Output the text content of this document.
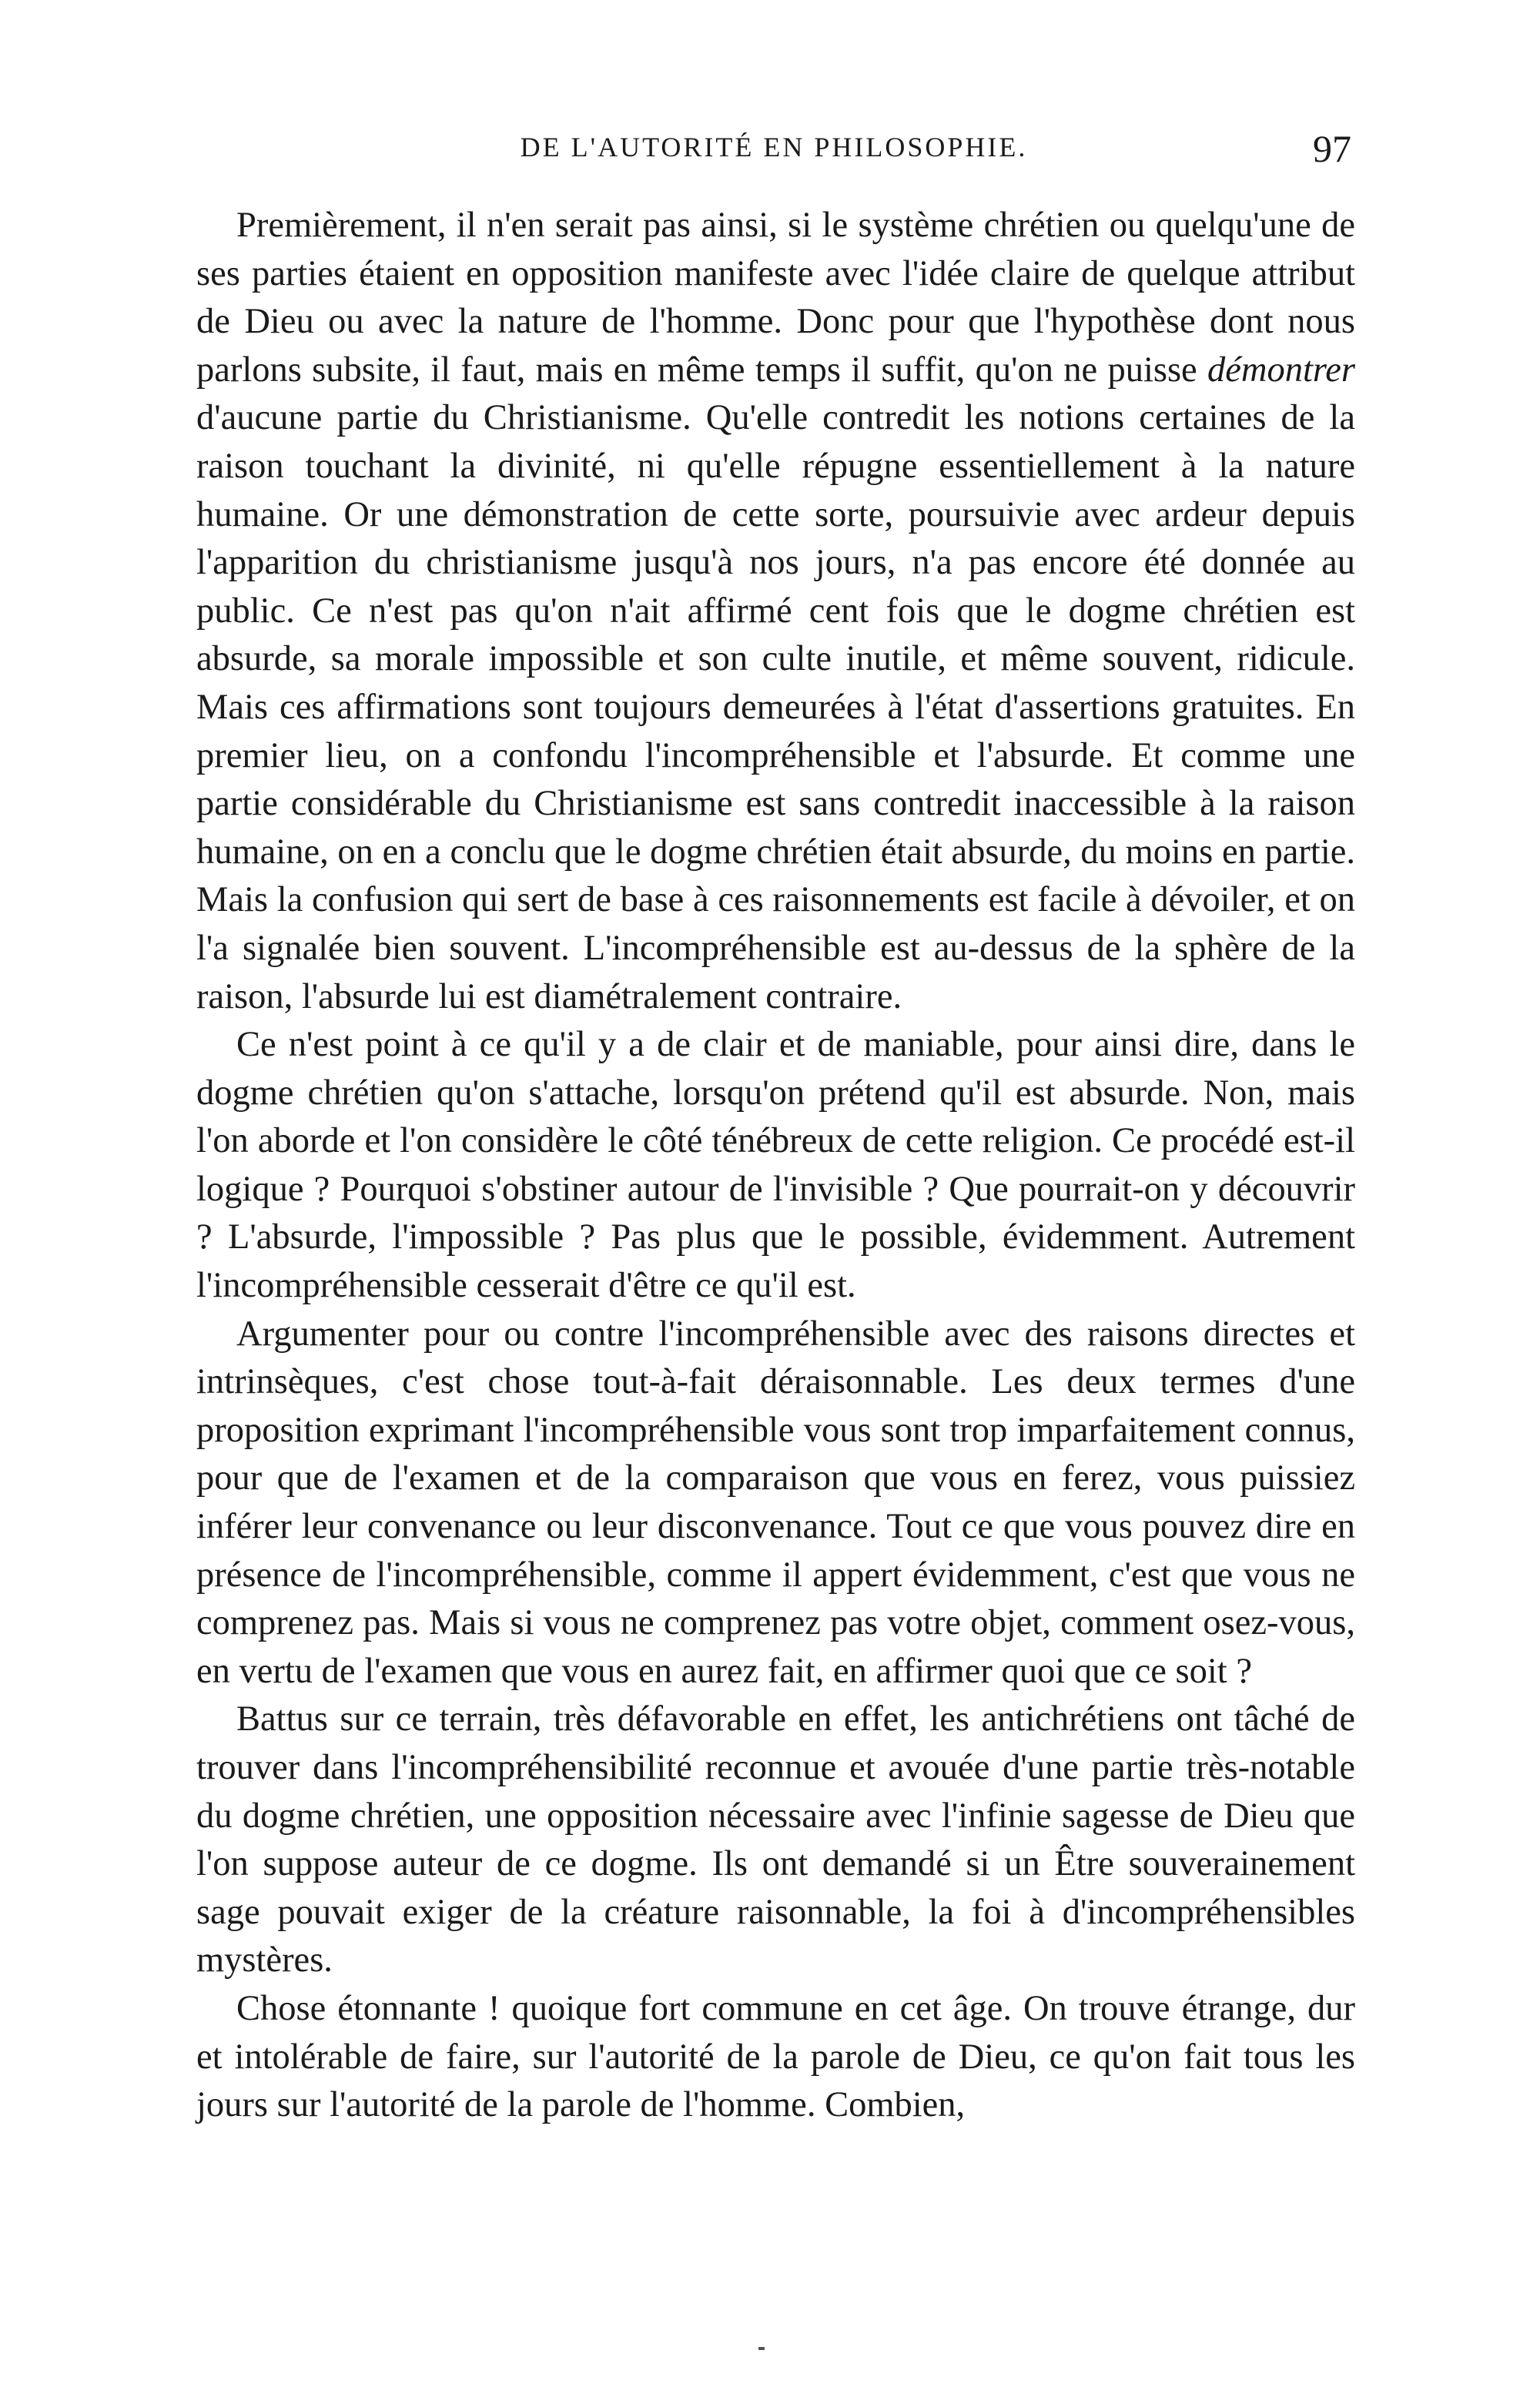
DE L'AUTORITÉ EN PHILOSOPHIE.	97

Premièrement, il n'en serait pas ainsi, si le système chrétien ou quelqu'une de ses parties étaient en opposition manifeste avec l'idée claire de quelque attribut de Dieu ou avec la nature de l'homme. Donc pour que l'hypothèse dont nous parlons subsite, il faut, mais en même temps il suffit, qu'on ne puisse démontrer d'aucune partie du Christianisme. Qu'elle contredit les notions certaines de la raison touchant la divinité, ni qu'elle répugne essentiellement à la nature humaine. Or une démonstration de cette sorte, poursuivie avec ardeur depuis l'apparition du christianisme jusqu'à nos jours, n'a pas encore été donnée au public. Ce n'est pas qu'on n'ait affirmé cent fois que le dogme chrétien est absurde, sa morale impossible et son culte inutile, et même souvent, ridicule. Mais ces affirmations sont toujours demeurées à l'état d'assertions gratuites. En premier lieu, on a confondu l'incompréhensible et l'absurde. Et comme une partie considérable du Christianisme est sans contredit inaccessible à la raison humaine, on en a conclu que le dogme chrétien était absurde, du moins en partie. Mais la confusion qui sert de base à ces raisonnements est facile à dévoiler, et on l'a signalée bien souvent. L'incompréhensible est au-dessus de la sphère de la raison, l'absurde lui est diamétralement contraire.

Ce n'est point à ce qu'il y a de clair et de maniable, pour ainsi dire, dans le dogme chrétien qu'on s'attache, lorsqu'on prétend qu'il est absurde. Non, mais l'on aborde et l'on considère le côté ténébreux de cette religion. Ce procédé est-il logique ? Pourquoi s'obstiner autour de l'invisible ? Que pourrait-on y découvrir ? L'absurde, l'impossible ? Pas plus que le possible, évidemment. Autrement l'incompréhensible cesserait d'être ce qu'il est.

Argumenter pour ou contre l'incompréhensible avec des raisons directes et intrinsèques, c'est chose tout-à-fait déraisonnable. Les deux termes d'une proposition exprimant l'incompréhensible vous sont trop imparfaitement connus, pour que de l'examen et de la comparaison que vous en ferez, vous puissiez inférer leur convenance ou leur disconvenance. Tout ce que vous pouvez dire en présence de l'incompréhensible, comme il appert évidemment, c'est que vous ne comprenez pas. Mais si vous ne comprenez pas votre objet, comment osez-vous, en vertu de l'examen que vous en aurez fait, en affirmer quoi que ce soit ?

Battus sur ce terrain, très défavorable en effet, les antichrétiens ont tâché de trouver dans l'incompréhensibilité reconnue et avouée d'une partie très-notable du dogme chrétien, une opposition nécessaire avec l'infinie sagesse de Dieu que l'on suppose auteur de ce dogme. Ils ont demandé si un Être souverainement sage pouvait exiger de la créature raisonnable, la foi à d'incompréhensibles mystères.

Chose étonnante ! quoique fort commune en cet âge. On trouve étrange, dur et intolérable de faire, sur l'autorité de la parole de Dieu, ce qu'on fait tous les jours sur l'autorité de la parole de l'homme. Combien,
